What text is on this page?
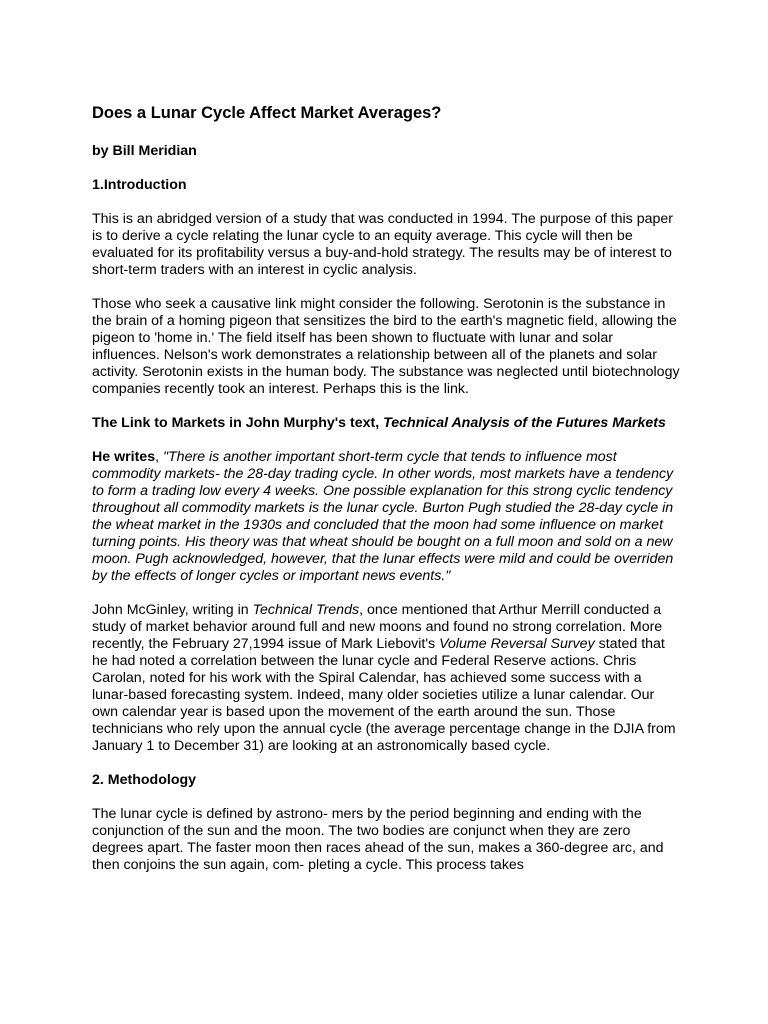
Does a Lunar Cycle Affect Market Averages?
by Bill Meridian
1.Introduction

This is an abridged version of a study that was conducted in 1994. The purpose of this paper is to derive a cycle relating the lunar cycle to an equity average. This cycle will then be evaluated for its profitability versus a buy-and-hold strategy. The results may be of interest to short-term traders with an interest in cyclic analysis.

Those who seek a causative link might consider the following. Serotonin is the substance in the brain of a homing pigeon that sensitizes the bird to the earth's magnetic field, allowing the pigeon to 'home in.' The field itself has been shown to fluctuate with lunar and solar influences. Nelson's work demonstrates a relationship between all of the planets and solar activity. Serotonin exists in the human body. The substance was neglected until biotechnology companies recently took an interest. Perhaps this is the link.

The Link to Markets in John Murphy's text, Technical Analysis of the Futures Markets

He writes, "There is another important short-term cycle that tends to influence most commodity markets- the 28-day trading cycle. In other words, most markets have a tendency to form a trading low every 4 weeks. One possible explanation for this strong cyclic tendency throughout all commodity markets is the lunar cycle. Burton Pugh studied the 28-day cycle in the wheat market in the 1930s and concluded that the moon had some influence on market turning points. His theory was that wheat should be bought on a full moon and sold on a new moon. Pugh acknowledged, however, that the lunar effects were mild and could be overriden by the effects of longer cycles or important news events."

John McGinley, writing in Technical Trends, once mentioned that Arthur Merrill conducted a study of market behavior around full and new moons and found no strong correlation. More recently, the February 27,1994 issue of Mark Liebovit's Volume Reversal Survey stated that he had noted a correlation between the lunar cycle and Federal Reserve actions. Chris Carolan, noted for his work with the Spiral Calendar, has achieved some success with a lunar-based forecasting system. Indeed, many older societies utilize a lunar calendar. Our own calendar year is based upon the movement of the earth around the sun. Those technicians who rely upon the annual cycle (the average percentage change in the DJIA from January 1 to December 31) are looking at an astronomically based cycle.

2. Methodology

The lunar cycle is defined by astrono- mers by the period beginning and ending with the conjunction of the sun and the moon. The two bodies are conjunct when they are zero degrees apart. The faster moon then races ahead of the sun, makes a 360-degree arc, and then conjoins the sun again, com- pleting a cycle. This process takes
